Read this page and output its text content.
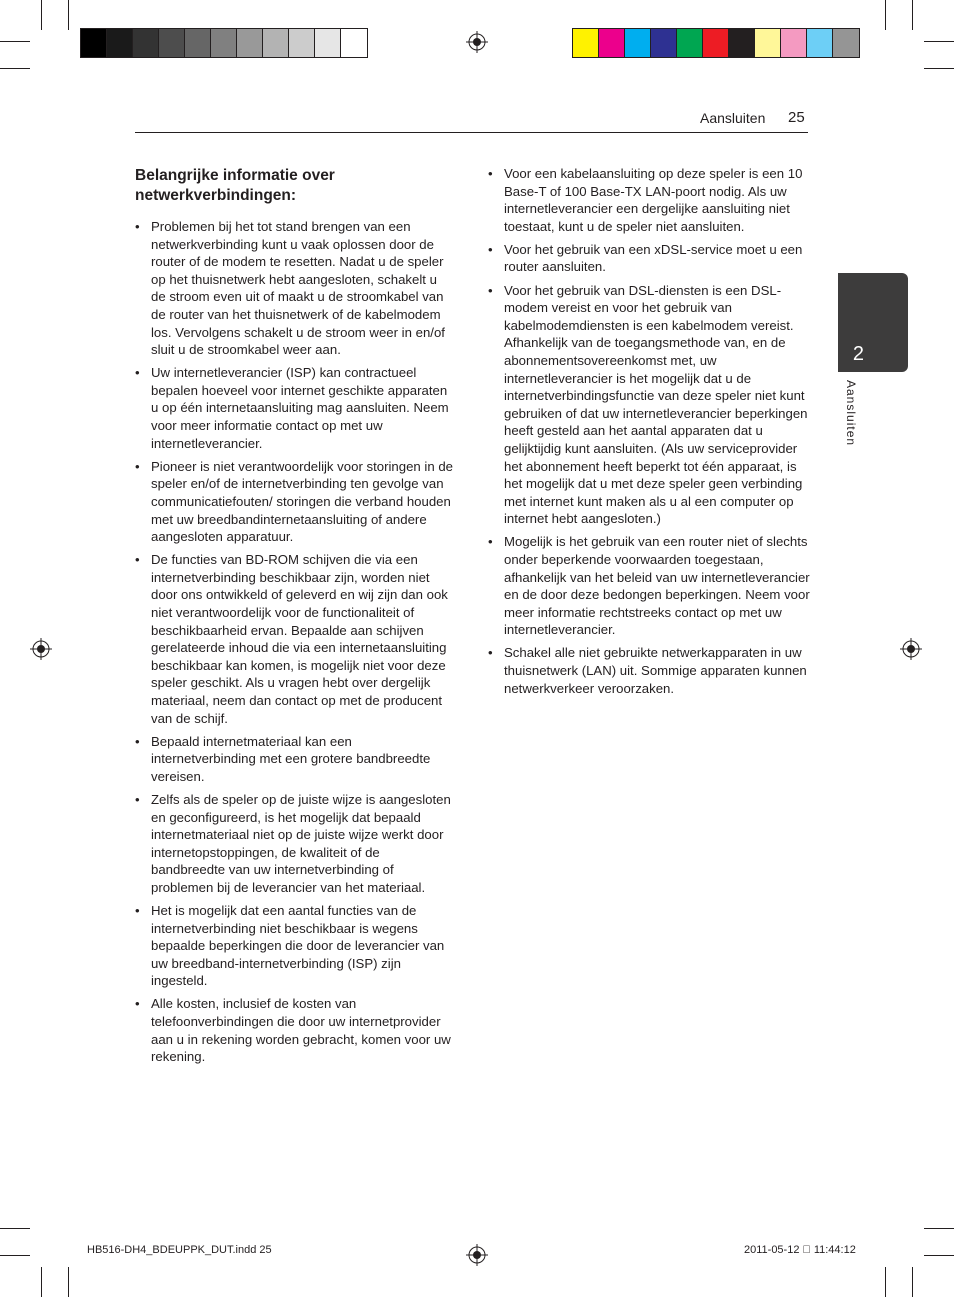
Aansluiten 25
2
Aansluiten
Belangrijke informatie over netwerkverbindingen:
• Problemen bij het tot stand brengen van een netwerkverbinding kunt u vaak oplossen door de router of de modem te resetten. Nadat u de speler op het thuisnetwerk hebt aangesloten, schakelt u de stroom even uit of maakt u de stroomkabel van de router van het thuisnetwerk of de kabelmodem los. Vervolgens schakelt u de stroom weer in en/of sluit u de stroomkabel weer aan.
• Uw internetleverancier (ISP) kan contractueel bepalen hoeveel voor internet geschikte apparaten u op één internetaansluiting mag aansluiten. Neem voor meer informatie contact op met uw internetleverancier.
• Pioneer is niet verantwoordelijk voor storingen in de speler en/of de internetverbinding ten gevolge van communicatiefouten/ storingen die verband houden met uw breedbandinternetaansluiting of andere aangesloten apparatuur.
• De functies van BD-ROM schijven die via een internetverbinding beschikbaar zijn, worden niet door ons ontwikkeld of geleverd en wij zijn dan ook niet verantwoordelijk voor de functionaliteit of beschikbaarheid ervan. Bepaalde aan schijven gerelateerde inhoud die via een internetaansluiting beschikbaar kan komen, is mogelijk niet voor deze speler geschikt. Als u vragen hebt over dergelijk materiaal, neem dan contact op met de producent van de schijf.
• Bepaald internetmateriaal kan een internetverbinding met een grotere bandbreedte vereisen.
• Zelfs als de speler op de juiste wijze is aangesloten en geconfigureerd, is het mogelijk dat bepaald internetmateriaal niet op de juiste wijze werkt door internetopstoppingen, de kwaliteit of de bandbreedte van uw internetverbinding of problemen bij de leverancier van het materiaal.
• Het is mogelijk dat een aantal functies van de internetverbinding niet beschikbaar is wegens bepaalde beperkingen die door de leverancier van uw breedband-internetverbinding (ISP) zijn ingesteld.
• Alle kosten, inclusief de kosten van telefoonverbindingen die door uw internetprovider aan u in rekening worden gebracht, komen voor uw rekening.
• Voor een kabelaansluiting op deze speler is een 10 Base-T of 100 Base-TX LAN-poort nodig. Als uw internetleverancier een dergelijke aansluiting niet toestaat, kunt u de speler niet aansluiten.
• Voor het gebruik van een xDSL-service moet u een router aansluiten.
• Voor het gebruik van DSL-diensten is een DSL-modem vereist en voor het gebruik van kabelmodemdiensten is een kabelmodem vereist. Afhankelijk van de toegangsmethode van, en de abonnementsovereenkomst met, uw internetleverancier is het mogelijk dat u de internetverbindingsfunctie van deze speler niet kunt gebruiken of dat uw internetleverancier beperkingen heeft gesteld aan het aantal apparaten dat u gelijktijdig kunt aansluiten. (Als uw serviceprovider het abonnement heeft beperkt tot één apparaat, is het mogelijk dat u met deze speler geen verbinding met internet kunt maken als u al een computer op internet hebt aangesloten.)
• Mogelijk is het gebruik van een router niet of slechts onder beperkende voorwaarden toegestaan, afhankelijk van het beleid van uw internetleverancier en de door deze bedongen beperkingen. Neem voor meer informatie rechtstreeks contact op met uw internetleverancier.
• Schakel alle niet gebruikte netwerkapparaten in uw thuisnetwerk (LAN) uit. Sommige apparaten kunnen netwerkverkeer veroorzaken.
HB516-DH4_BDEUPPK_DUT.indd 25	2011-05-12   11:44:12
